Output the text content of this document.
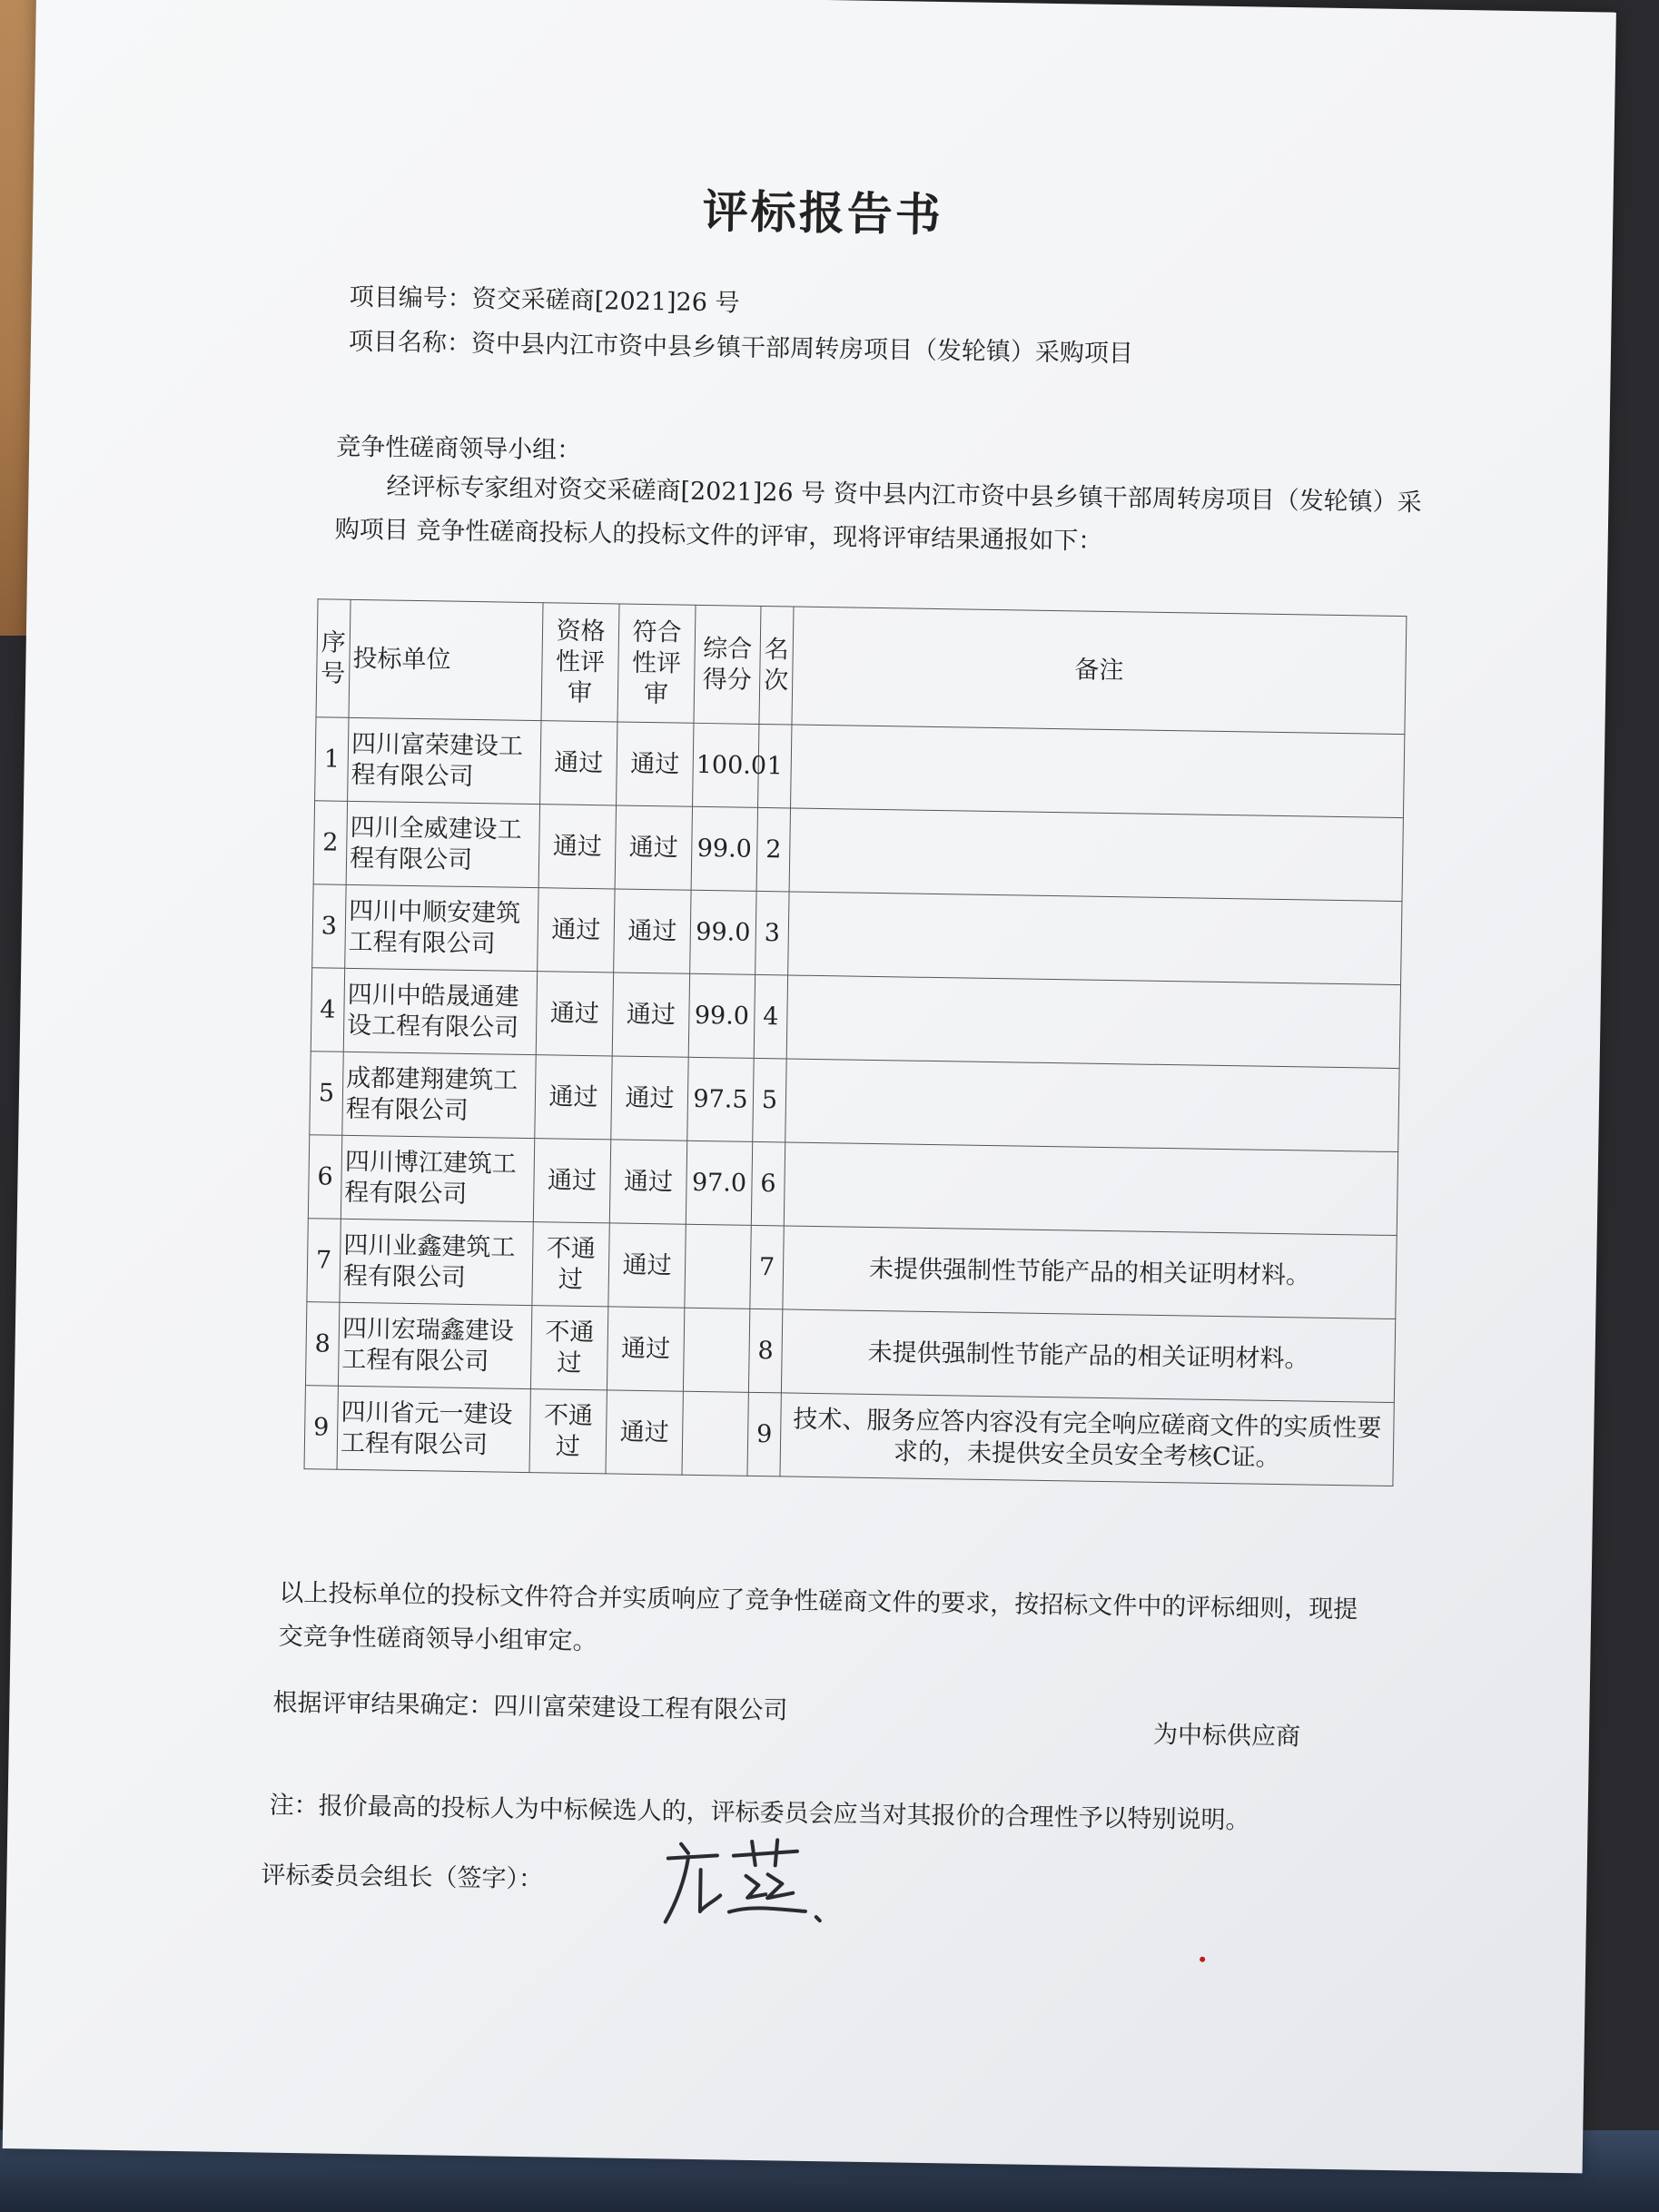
评标报告书
项目编号：资交采磋商[2021]26 号
项目名称：资中县内江市资中县乡镇干部周转房项目（发轮镇）采购项目
竞争性磋商领导小组：
经评标专家组对资交采磋商[2021]26 号 资中县内江市资中县乡镇干部周转房项目（发轮镇）采购项目 竞争性磋商投标人的投标文件的评审，现将评审结果通报如下：
序号	投标单位	资格性评审	符合性评审	综合得分	名次	备注
1	四川富荣建设工程有限公司	通过	通过	100.0	1	
2	四川全威建设工程有限公司	通过	通过	99.0	2	
3	四川中顺安建筑工程有限公司	通过	通过	99.0	3	
4	四川中皓晟通建设工程有限公司	通过	通过	99.0	4	
5	成都建翔建筑工程有限公司	通过	通过	97.5	5	
6	四川博江建筑工程有限公司	通过	通过	97.0	6	
7	四川业鑫建筑工程有限公司	不通过	通过		7	未提供强制性节能产品的相关证明材料。
8	四川宏瑞鑫建设工程有限公司	不通过	通过		8	未提供强制性节能产品的相关证明材料。
9	四川省元一建设工程有限公司	不通过	通过		9	技术、服务应答内容没有完全响应磋商文件的实质性要求的，未提供安全员安全考核C证。
以上投标单位的投标文件符合并实质响应了竞争性磋商文件的要求，按招标文件中的评标细则，现提交竞争性磋商领导小组审定。
根据评审结果确定：四川富荣建设工程有限公司
为中标供应商
注：报价最高的投标人为中标候选人的，评标委员会应当对其报价的合理性予以特别说明。
评标委员会组长（签字）：
